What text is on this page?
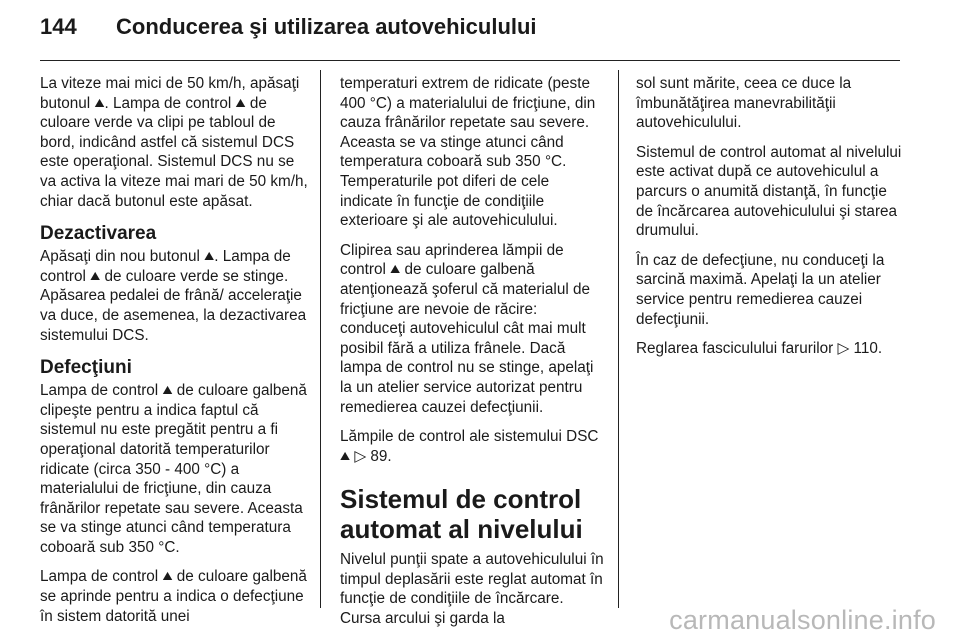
144 Conducerea şi utilizarea autovehiculului

La viteze mai mici de 50 km/h, apăsaţi butonul ⛰. Lampa de control ⛰ de culoare verde va clipi pe tabloul de bord, indicând astfel că sistemul DCS este operaţional. Sistemul DCS nu se va activa la viteze mai mari de 50 km/h, chiar dacă butonul este apăsat.

Dezactivarea

Apăsaţi din nou butonul ⛰. Lampa de control ⛰ de culoare verde se stinge. Apăsarea pedalei de frână/ acceleraţie va duce, de asemenea, la dezactivarea sistemului DCS.

Defecţiuni

Lampa de control ⛰ de culoare galbenă clipeşte pentru a indica faptul că sistemul nu este pregătit pentru a fi operaţional datorită temperaturilor ridicate (circa 350 - 400 °C) a materialului de fricţiune, din cauza frânărilor repetate sau severe. Aceasta se va stinge atunci când temperatura coboară sub 350 °C.

Lampa de control ⛰ de culoare galbenă se aprinde pentru a indica o defecţiune în sistem datorită unei

temperaturi extrem de ridicate (peste 400 °C) a materialului de fricţiune, din cauza frânărilor repetate sau severe. Aceasta se va stinge atunci când temperatura coboară sub 350 °C. Temperaturile pot diferi de cele indicate în funcţie de condiţiile exterioare şi ale autovehiculului.

Clipirea sau aprinderea lămpii de control ⛰ de culoare galbenă atenţionează şoferul că materialul de fricţiune are nevoie de răcire: conduceţi autovehiculul cât mai mult posibil fără a utiliza frânele. Dacă lampa de control nu se stinge, apelaţi la un atelier service autorizat pentru remedierea cauzei defecţiunii.

Lămpile de control ale sistemului DSC ⛰ ▷ 89.

Sistemul de control automat al nivelului

Nivelul punţii spate a autovehiculului în timpul deplasării este reglat automat în funcţie de condiţiile de încărcare. Cursa arcului şi garda la

sol sunt mărite, ceea ce duce la îmbunătăţirea manevrabilităţii autovehiculului.

Sistemul de control automat al nivelului este activat după ce autovehiculul a parcurs o anumită distanţă, în funcţie de încărcarea autovehiculului şi starea drumului.

În caz de defecţiune, nu conduceţi la sarcină maximă. Apelaţi la un atelier service pentru remedierea cauzei defecţiunii.

Reglarea fasciculului farurilor ▷ 110.

carmanualsonline.info
